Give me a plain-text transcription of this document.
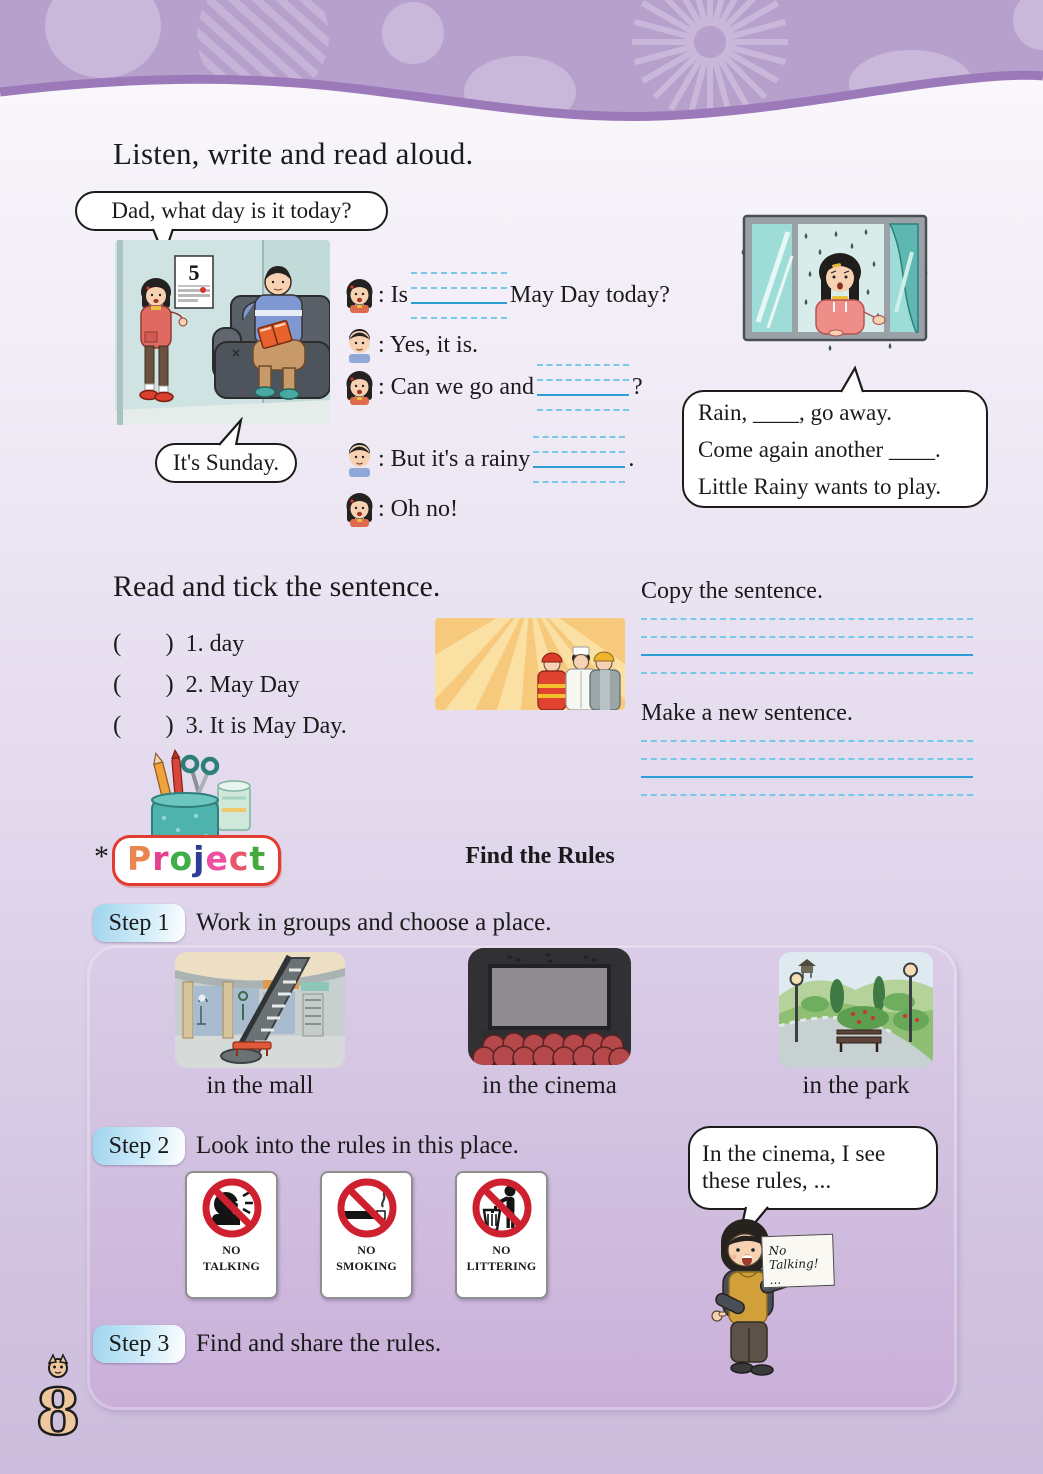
Listen, write and read aloud.
Dad, what day is it today?
5
It's Sunday.
: Is	May Day today?
: Yes, it is.
: Can we go and	?
: But it's a rainy	.
: Oh no!
Rain, ____, go away.
Come again another ____.
Little Rainy wants to play.
Read and tick the sentence.
( ) 1. day
( ) 2. May Day
( ) 3. It is May Day.
Copy the sentence.
Make a new sentence.
* Project	Find the Rules
Step 1 Work in groups and choose a place.
in the mall	in the cinema	in the park
Step 2 Look into the rules in this place.
NO
TALKING
NO
SMOKING
NO
LITTERING
In the cinema, I see these rules, ...
No Talking!
...
Step 3 Find and share the rules.
8
